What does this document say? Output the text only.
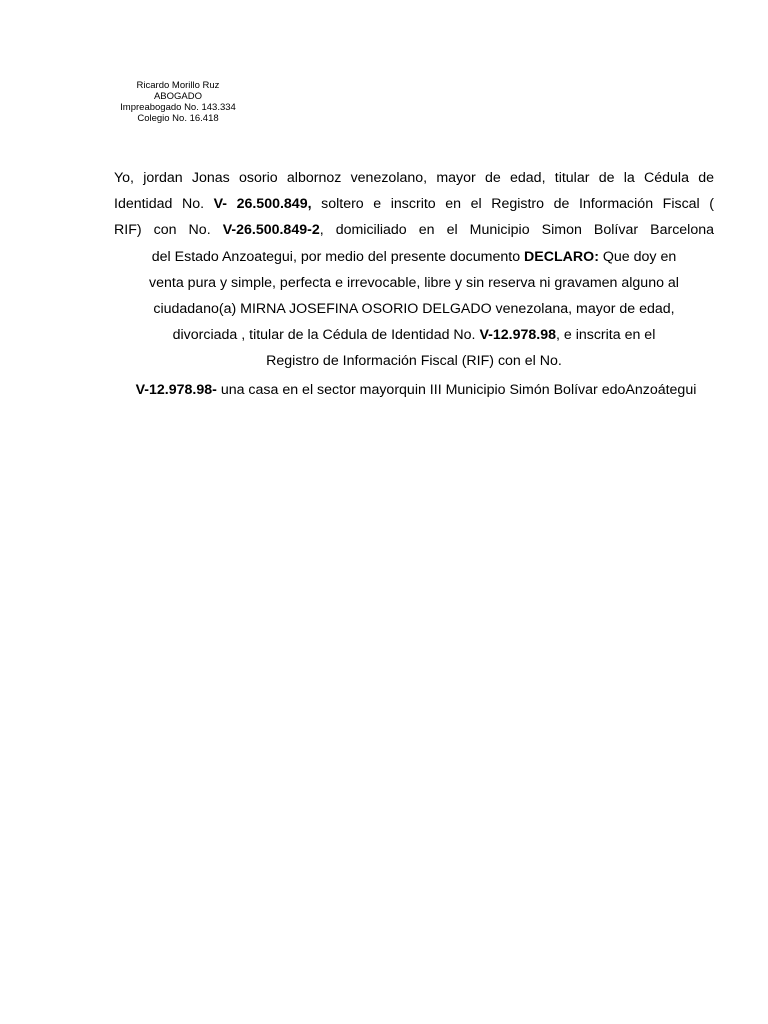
Ricardo Morillo Ruz
ABOGADO
Impreabogado No. 143.334
Colegio No. 16.418
Yo, jordan Jonas osorio albornoz venezolano, mayor de edad, titular de la Cédula de
Identidad No. V- 26.500.849, soltero e inscrito en el Registro de Información Fiscal (
RIF) con No. V-26.500.849-2, domiciliado en el Municipio Simon Bolívar Barcelona
del Estado Anzoategui, por medio del presente documento DECLARO: Que doy en
venta pura y simple, perfecta e irrevocable, libre y sin reserva ni gravamen alguno al
ciudadano(a) MIRNA JOSEFINA OSORIO DELGADO venezolana, mayor de edad,
divorciada , titular de la Cédula de Identidad No. V-12.978.98, e inscrita en el
Registro de Información Fiscal (RIF) con el No.
V-12.978.98- una casa en el sector mayorquin III Municipio Simón Bolívar edoAnzoátegui
